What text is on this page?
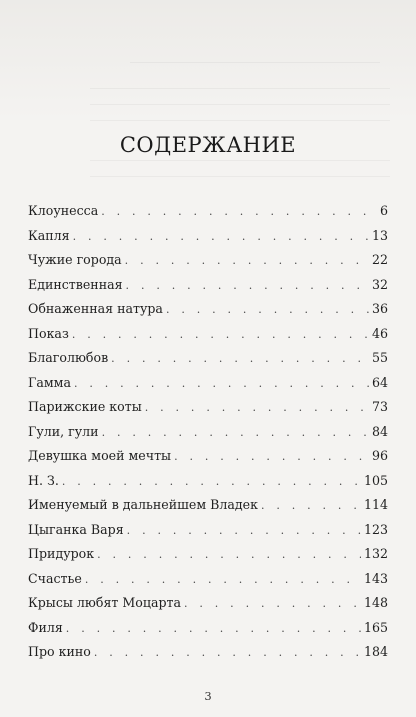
СОДЕРЖАНИЕ
Клоунесса . . .	6
Капля . . .	13
Чужие города . . .	22
Единственная . . .	32
Обнаженная натура . . .	36
Показ . . .	46
Благолюбов . . .	55
Гамма . . .	64
Парижские коты . . .	73
Гули, гули . . .	84
Девушка моей мечты . . .	96
Н. З. . . .	105
Именуемый в дальнейшем Владек . . .	114
Цыганка Варя . . .	123
Придурок . . .	132
Счастье . . .	143
Крысы любят Моцарта . . .	148
Филя . . .	165
Про кино . . .	184
3
